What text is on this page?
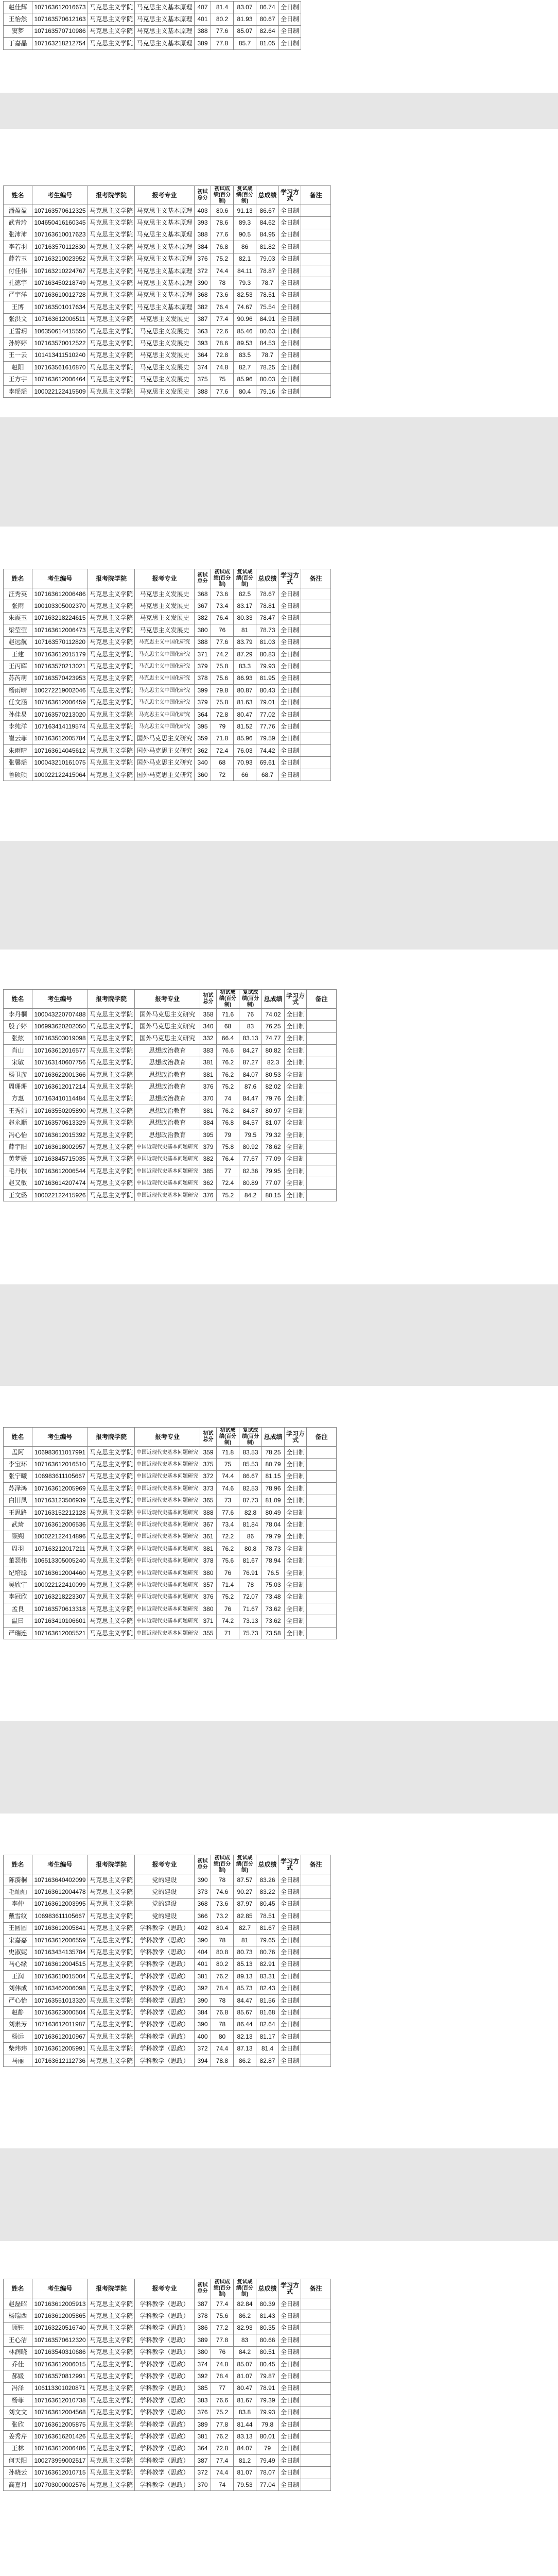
赵佳辉	107163612016673	马克思主义学院	马克思主义基本原理	407	81.4	83.07	86.74	全日制
王怡然	107163570612163	马克思主义学院	马克思主义基本原理	401	80.2	81.93	80.67	全日制
窦梦	107163570710986	马克思主义学院	马克思主义基本原理	388	77.6	85.07	82.64	全日制
丁嘉晶	107163218212754	马克思主义学院	马克思主义基本原理	389	77.8	85.7	81.05	全日制
姓名	考生编号	报考院学院	报考专业	初试总分	初试成绩(百分制)	复试成绩(百分制)	总成绩	学习方式	备注
潘盈盈	107163570612325	马克思主义学院	马克思主义基本原理	403	80.6	91.13	86.67	全日制	
武青玲	104650416160345	马克思主义学院	马克思主义基本原理	393	78.6	89.3	84.62	全日制	
张沛沛	107163610017623	马克思主义学院	马克思主义基本原理	388	77.6	90.5	84.95	全日制	
李若羽	107163570112830	马克思主义学院	马克思主义基本原理	384	76.8	86	81.82	全日制	
薛若玉	107163210023952	马克思主义学院	马克思主义基本原理	376	75.2	82.1	79.03	全日制	
付佳伟	107163210224767	马克思主义学院	马克思主义基本原理	372	74.4	84.11	78.87	全日制	
孔德宇	107163450218749	马克思主义学院	马克思主义基本原理	390	78	79.3	78.7	全日制	
严宇洋	107163610012728	马克思主义学院	马克思主义基本原理	368	73.6	82.53	78.51	全日制	
王博	107163501017634	马克思主义学院	马克思主义基本原理	382	76.4	74.67	75.54	全日制	
张洪文	107163612006511	马克思主义学院	马克思主义发展史	387	77.4	90.96	84.91	全日制	
王雪玥	106350614415550	马克思主义学院	马克思主义发展史	363	72.6	85.46	80.63	全日制	
孙婷婷	107163570012522	马克思主义学院	马克思主义发展史	393	78.6	89.53	84.53	全日制	
王一云	101413411510240	马克思主义学院	马克思主义发展史	364	72.8	83.5	78.7	全日制	
赵阳	107163561616870	马克思主义学院	马克思主义发展史	374	74.8	82.7	78.25	全日制	
王方宇	107163612006464	马克思主义学院	马克思主义发展史	375	75	85.96	80.03	全日制	
李瑶瑶	100022122415509	马克思主义学院	马克思主义发展史	388	77.6	80.4	79.16	全日制	
姓名	考生编号	报考院学院	报考专业	初试总分	初试成绩(百分制)	复试成绩(百分制)	总成绩	学习方式	备注
汪秀英	107163612006486	马克思主义学院	马克思主义发展史	368	73.6	82.5	78.67	全日制	
张雨	100103305002370	马克思主义学院	马克思主义发展史	367	73.4	83.17	78.81	全日制	
朱震玉	107163218224615	马克思主义学院	马克思主义发展史	382	76.4	80.33	78.47	全日制	
梁莹莹	107163612006473	马克思主义学院	马克思主义发展史	380	76	81	78.73	全日制	
赵远航	107163570112820	马克思主义学院	马克思主义中国化研究	388	77.6	83.79	81.03	全日制	
王建	107163612015179	马克思主义学院	马克思主义中国化研究	371	74.2	87.29	80.83	全日制	
王丙晖	107163570213021	马克思主义学院	马克思主义中国化研究	379	75.8	83.3	79.93	全日制	
苏芮萌	107163570423953	马克思主义学院	马克思主义中国化研究	378	75.6	86.93	81.95	全日制	
杨雨晴	100272219002046	马克思主义学院	马克思主义中国化研究	399	79.8	80.87	80.43	全日制	
任文涵	107163612006459	马克思主义学院	马克思主义中国化研究	379	75.8	81.63	79.01	全日制	
孙佳易	107163570213020	马克思主义学院	马克思主义中国化研究	364	72.8	80.47	77.02	全日制	
李纯洋	107163414119574	马克思主义学院	马克思主义中国化研究	395	79	81.52	77.76	全日制	
崔云菲	107163612005784	马克思主义学院	国外马克思主义研究	359	71.8	85.96	79.59	全日制	
朱雨晴	107163614045612	马克思主义学院	国外马克思主义研究	362	72.4	76.03	74.42	全日制	
张馨瑶	100043210161075	马克思主义学院	国外马克思主义研究	340	68	70.93	69.61	全日制	
鲁硕硕	100022122415064	马克思主义学院	国外马克思主义研究	360	72	66	68.7	全日制	
姓名	考生编号	报考院学院	报考专业	初试总分	初试成绩(百分制)	复试成绩(百分制)	总成绩	学习方式	备注
李丹桐	100043220707488	马克思主义学院	国外马克思主义研究	358	71.6	76	74.02	全日制	
殷子婷	106993620202050	马克思主义学院	国外马克思主义研究	340	68	83	76.25	全日制	
张炫	107163503019098	马克思主义学院	国外马克思主义研究	332	66.4	83.13	74.77	全日制	
肖山	107163612016577	马克思主义学院	思想政治教育	383	76.6	84.27	80.82	全日制	
宋敏	107163140607756	马克思主义学院	思想政治教育	381	76.2	87.27	82.3	全日制	
杨卫彦	107163622001366	马克思主义学院	思想政治教育	381	76.2	84.07	80.53	全日制	
周珊珊	107163612017214	马克思主义学院	思想政治教育	376	75.2	87.6	82.02	全日制	
方惠	107163410114484	马克思主义学院	思想政治教育	370	74	84.47	79.76	全日制	
王秀娟	107163550205890	马克思主义学院	思想政治教育	381	76.2	84.87	80.97	全日制	
赵永顺	107163570613329	马克思主义学院	思想政治教育	384	76.8	84.57	81.07	全日制	
冯心怡	107163612015392	马克思主义学院	思想政治教育	395	79	79.5	79.32	全日制	
薛宇阳	107163618002957	马克思主义学院	中国近现代史基本问题研究	379	75.8	80.92	78.62	全日制	
黄梦媛	107163845715035	马克思主义学院	中国近现代史基本问题研究	382	76.4	77.67	77.09	全日制	
毛丹枝	107163612006544	马克思主义学院	中国近现代史基本问题研究	385	77	82.36	79.95	全日制	
赵又敏	107163614207474	马克思主义学院	中国近现代史基本问题研究	362	72.4	80.89	77.07	全日制	
王文璐	100022122415926	马克思主义学院	中国近现代史基本问题研究	376	75.2	84.2	80.15	全日制	
姓名	考生编号	报考院学院	报考专业	初试总分	初试成绩(百分制)	复试成绩(百分制)	总成绩	学习方式	备注
孟阿	106983611017991	马克思主义学院	中国近现代史基本问题研究	359	71.8	83.53	78.25	全日制	
李宝环	107163612016510	马克思主义学院	中国近现代史基本问题研究	375	75	85.53	80.79	全日制	
张宁曦	106983611105667	马克思主义学院	中国近现代史基本问题研究	372	74.4	86.67	81.15	全日制	
苏泽鸿	107163612005969	马克思主义学院	中国近现代史基本问题研究	373	74.6	82.53	78.96	全日制	
白旧凤	107163123506939	马克思主义学院	中国近现代史基本问题研究	365	73	87.73	81.09	全日制	
王思路	107163152212128	马克思主义学院	中国近现代史基本问题研究	388	77.6	82.8	80.49	全日制	
武琦	107163612006536	马克思主义学院	中国近现代史基本问题研究	367	73.4	81.84	78.04	全日制	
顾朔	100022122414896	马克思主义学院	中国近现代史基本问题研究	361	72.2	86	79.79	全日制	
周羽	107163212017211	马克思主义学院	中国近现代史基本问题研究	381	76.2	80.8	78.73	全日制	
董瑟伟	106513305005240	马克思主义学院	中国近现代史基本问题研究	378	75.6	81.67	78.94	全日制	
纪培聪	107163612004460	马克思主义学院	中国近现代史基本问题研究	380	76	76.91	76.5	全日制	
吴欣宁	100022122410099	马克思主义学院	中国近现代史基本问题研究	357	71.4	78	75.03	全日制	
李冠欣	107163218223307	马克思主义学院	中国近现代史基本问题研究	376	75.2	72.07	73.48	全日制	
孟良	107163570613318	马克思主义学院	中国近现代史基本问题研究	380	76	71.67	73.62	全日制	
温曰	107163410106601	马克思主义学院	中国近现代史基本问题研究	371	74.2	73.13	73.62	全日制	
严瑞连	107163612005521	马克思主义学院	中国近现代史基本问题研究	355	71	75.73	73.58	全日制	
姓名	考生编号	报考院学院	报考专业	初试总分	初试成绩(百分制)	复试成绩(百分制)	总成绩	学习方式	备注
陈漪桐	107163640402099	马克思主义学院	党的建设	390	78	87.57	83.26	全日制	
毛灿灿	107163612004478	马克思主义学院	党的建设	373	74.6	90.27	83.22	全日制	
李仲	107163612003995	马克思主义学院	党的建设	368	73.6	87.97	80.45	全日制	
戴雪纹	106983611105667	马克思主义学院	党的建设	366	73.2	82.85	78.51	全日制	
王圆圆	107163612005841	马克思主义学院	学科教学（思政）	402	80.4	82.7	81.67	全日制	
宋嘉嘉	107163612006559	马克思主义学院	学科教学（思政）	390	78	81	79.65	全日制	
史淑妮	107163434135784	马克思主义学院	学科教学（思政）	404	80.8	80.73	80.76	全日制	
马心缘	107163612004515	马克思主义学院	学科教学（思政）	401	80.2	85.13	82.91	全日制	
王润	107163610015004	马克思主义学院	学科教学（思政）	381	76.2	89.13	83.31	全日制	
刘伟成	107163462006098	马克思主义学院	学科教学（思政）	392	78.4	85.73	82.43	全日制	
严心怡	107163551013320	马克思主义学院	学科教学（思政）	390	78	84.47	81.56	全日制	
赵静	107163623000504	马克思主义学院	学科教学（思政）	384	76.8	85.67	81.68	全日制	
刘素芳	107163612011987	马克思主义学院	学科教学（思政）	390	78	86.44	82.64	全日制	
杨远	107163612010967	马克思主义学院	学科教学（思政）	400	80	82.13	81.17	全日制	
柴玮玮	107163612005991	马克思主义学院	学科教学（思政）	372	74.4	87.13	81.4	全日制	
马丽	107163612112736	马克思主义学院	学科教学（思政）	394	78.8	86.2	82.87	全日制	
姓名	考生编号	报考院学院	报考专业	初试总分	初试成绩(百分制)	复试成绩(百分制)	总成绩	学习方式	备注
赵磊昭	107163612005913	马克思主义学院	学科教学（思政）	387	77.4	82.84	80.39	全日制	
杨瑞西	107163612005865	马克思主义学院	学科教学（思政）	378	75.6	86.2	81.43	全日制	
顾钰	107163220516740	马克思主义学院	学科教学（思政）	386	77.2	82.93	80.35	全日制	
王心洁	107163570612320	马克思主义学院	学科教学（思政）	389	77.8	83	80.66	全日制	
林润晓	107163540310686	马克思主义学院	学科教学（思政）	380	76	84.2	80.51	全日制	
乔佳	107163612006015	马克思主义学院	学科教学（思政）	374	74.8	85.07	80.45	全日制	
郝媛	107163570812991	马克思主义学院	学科教学（思政）	392	78.4	81.07	79.87	全日制	
冯泽	106113301020871	马克思主义学院	学科教学（思政）	385	77	80.47	78.91	全日制	
杨菲	107163612010738	马克思主义学院	学科教学（思政）	383	76.6	81.67	79.39	全日制	
刘文文	107163612004568	马克思主义学院	学科教学（思政）	376	75.2	83.8	79.93	全日制	
张欣	107163612005875	马克思主义学院	学科教学（思政）	389	77.8	81.44	79.8	全日制	
姜秀芹	107163616201426	马克思主义学院	学科教学（思政）	381	76.2	83.13	80.01	全日制	
王林	107163612006486	马克思主义学院	学科教学（思政）	364	72.8	84.07	79	全日制	
何天阳	100273999002517	马克思主义学院	学科教学（思政）	387	77.4	81.2	79.49	全日制	
孙晓云	107163612010715	马克思主义学院	学科教学（思政）	372	74.4	81.07	78.07	全日制	
高嘉月	107703000002576	马克思主义学院	学科教学（思政）	370	74	79.53	77.04	全日制	
